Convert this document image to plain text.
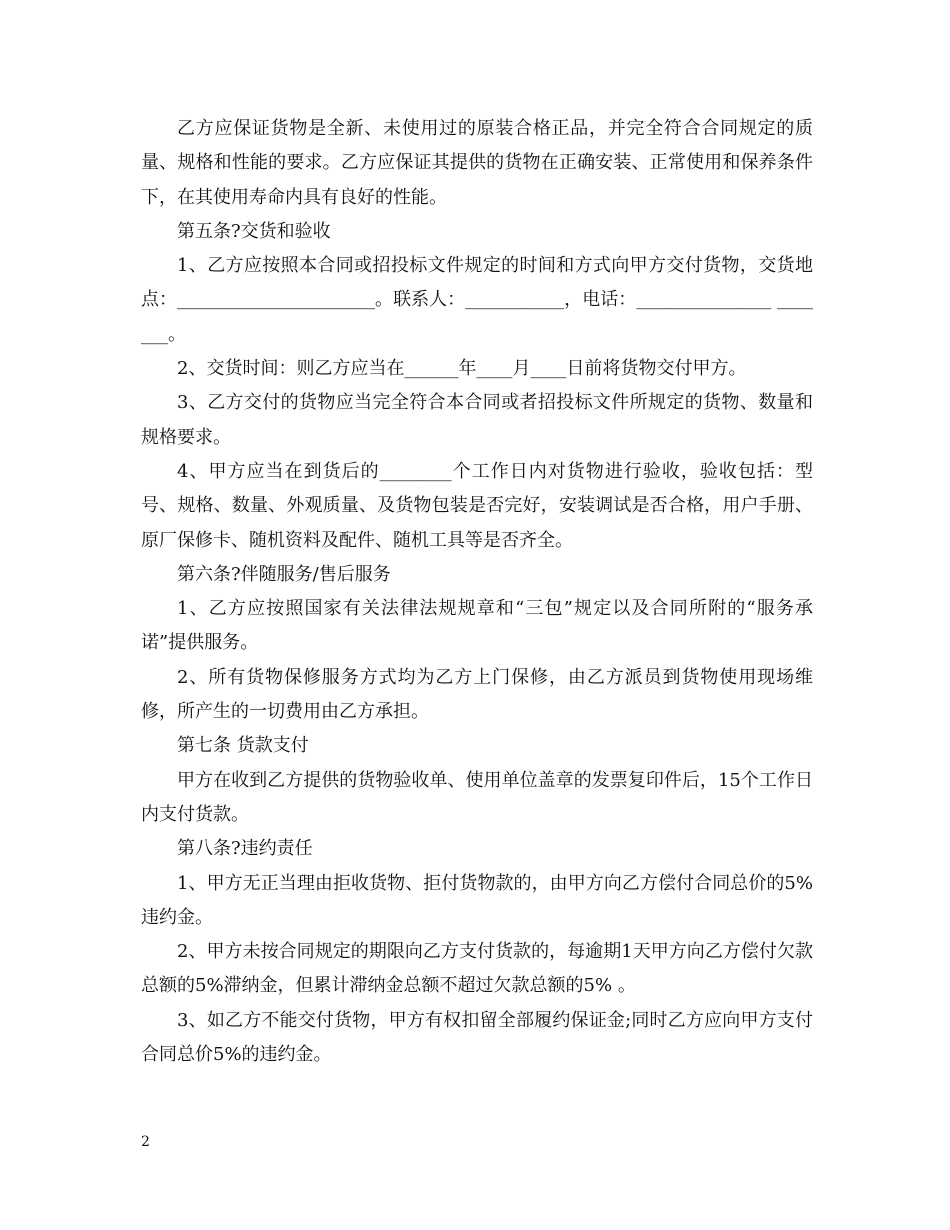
乙方应保证货物是全新、未使用过的原装合格正品，并完全符合合同规定的质量、规格和性能的要求。乙方应保证其提供的货物在正确安装、正常使用和保养条件下，在其使用寿命内具有良好的性能。

第五条?交货和验收

1、乙方应按照本合同或招投标文件规定的时间和方式向甲方交付货物，交货地点：______________________。联系人：___________，电话：_______________ _______。

2、交货时间：则乙方应当在______年____月____日前将货物交付甲方。

3、乙方交付的货物应当完全符合本合同或者招投标文件所规定的货物、数量和规格要求。

4、甲方应当在到货后的________个工作日内对货物进行验收，验收包括：型号、规格、数量、外观质量、及货物包装是否完好，安装调试是否合格，用户手册、原厂保修卡、随机资料及配件、随机工具等是否齐全。

第六条?伴随服务/售后服务

1、乙方应按照国家有关法律法规规章和“三包”规定以及合同所附的“服务承诺”提供服务。

2、所有货物保修服务方式均为乙方上门保修，由乙方派员到货物使用现场维修，所产生的一切费用由乙方承担。

第七条 货款支付

甲方在收到乙方提供的货物验收单、使用单位盖章的发票复印件后，15个工作日内支付货款。

第八条?违约责任

1、甲方无正当理由拒收货物、拒付货物款的，由甲方向乙方偿付合同总价的5%违约金。

2、甲方未按合同规定的期限向乙方支付货款的，每逾期1天甲方向乙方偿付欠款总额的5%滞纳金，但累计滞纳金总额不超过欠款总额的5% 。

3、如乙方不能交付货物，甲方有权扣留全部履约保证金;同时乙方应向甲方支付合同总价5%的违约金。

2
